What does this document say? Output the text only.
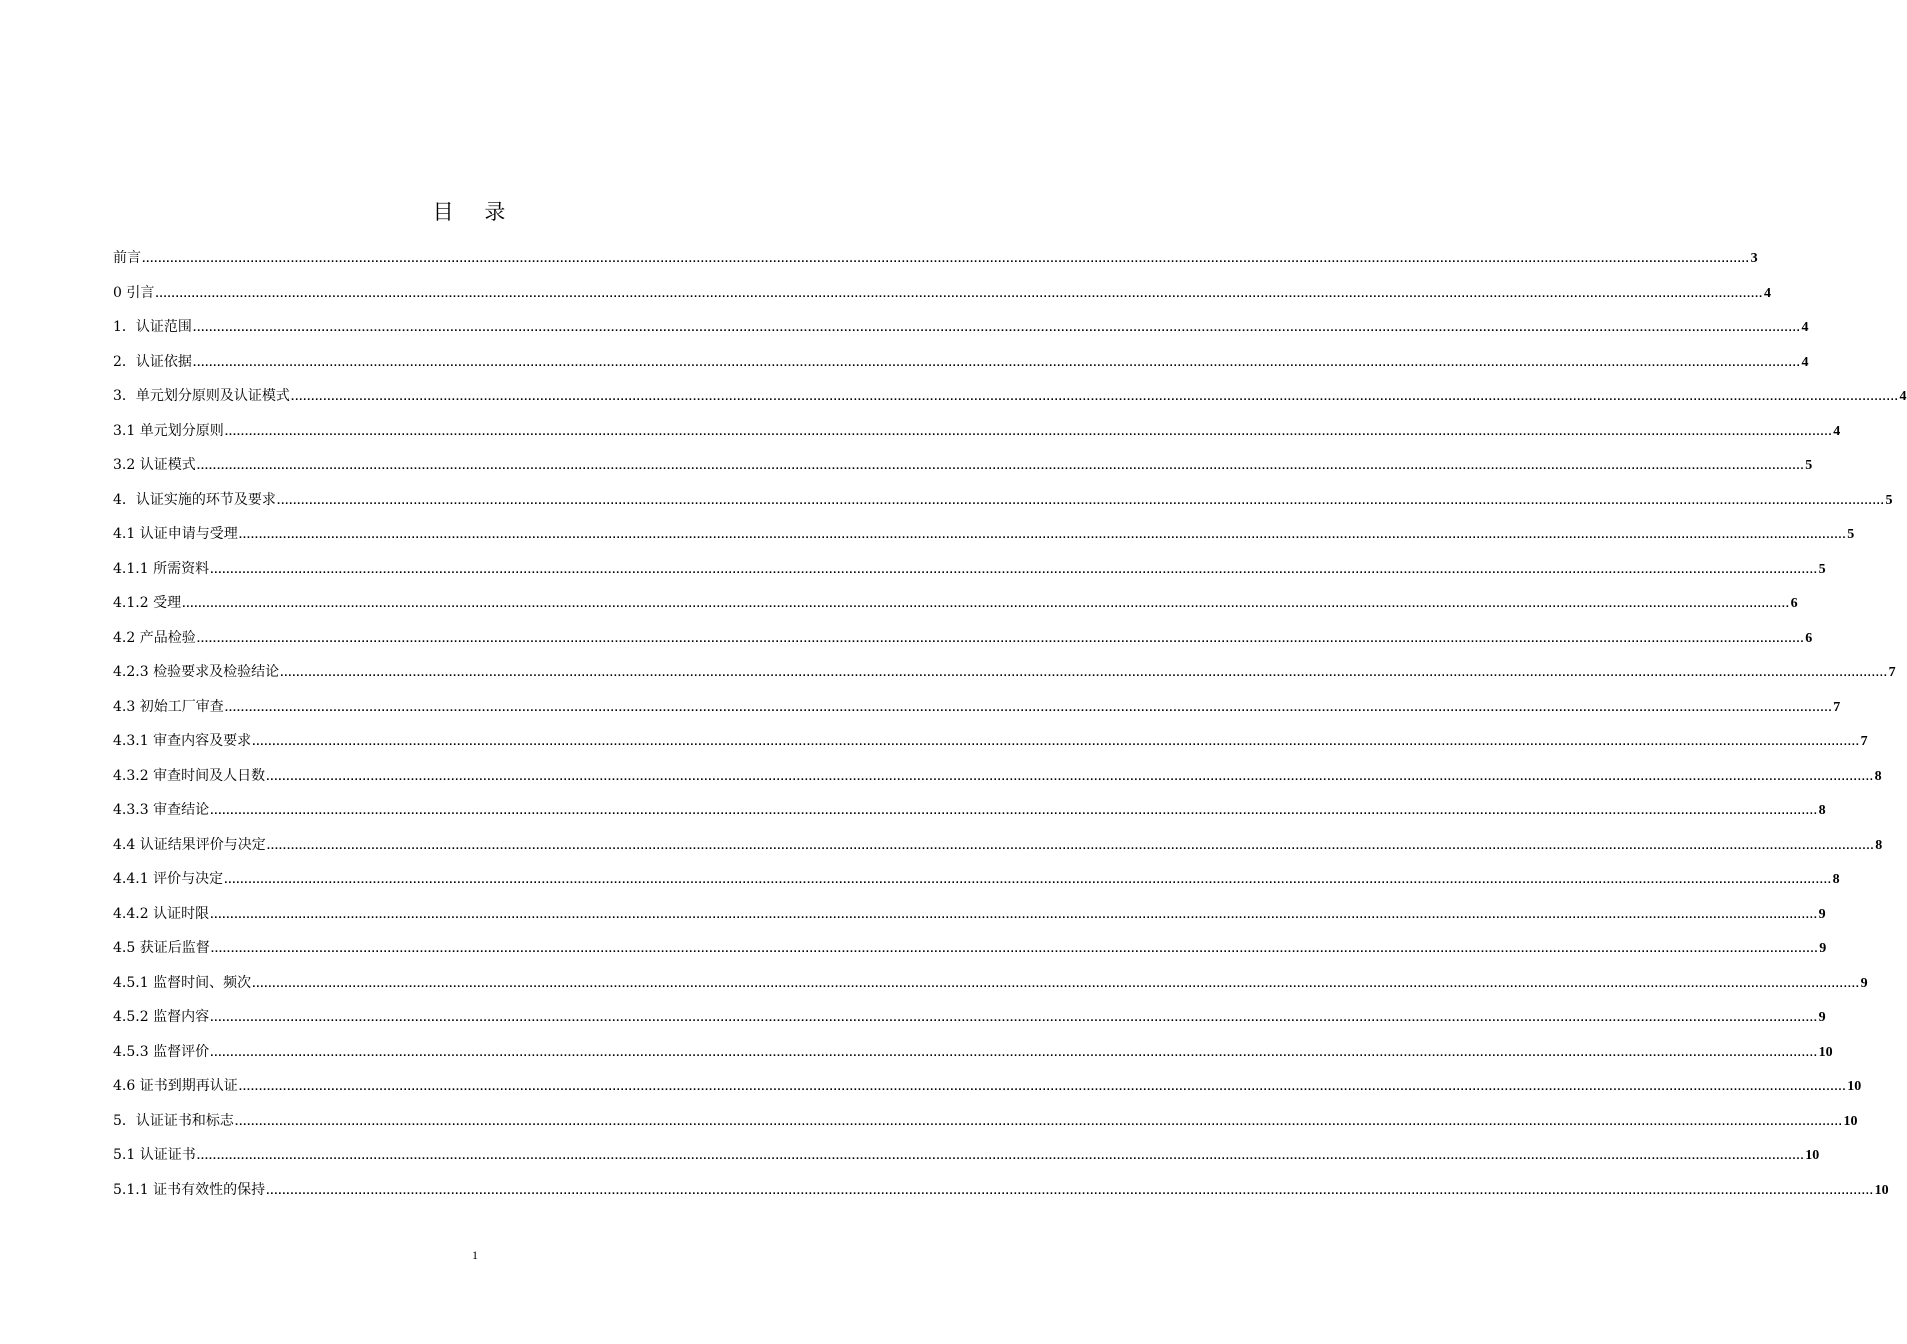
目 录
前言 ................................................................................................................................................................................................................................................................................................................................................................................................................ 3
0 引言 ................................................................................................................................................................................................................................................................................................................................................................................................................ 4
1．认证范围 ................................................................................................................................................................................................................................................................................................................................................................................................................ 4
2．认证依据 ................................................................................................................................................................................................................................................................................................................................................................................................................ 4
3．单元划分原则及认证模式 ................................................................................................................................................................................................................................................................................................................................................................................................................ 4
3.1 单元划分原则 ................................................................................................................................................................................................................................................................................................................................................................................................................ 4
3.2 认证模式 ................................................................................................................................................................................................................................................................................................................................................................................................................ 5
4．认证实施的环节及要求 ................................................................................................................................................................................................................................................................................................................................................................................................................ 5
4.1 认证申请与受理 ................................................................................................................................................................................................................................................................................................................................................................................................................ 5
4.1.1 所需资料 ................................................................................................................................................................................................................................................................................................................................................................................................................ 5
4.1.2 受理 ................................................................................................................................................................................................................................................................................................................................................................................................................ 6
4.2 产品检验 ................................................................................................................................................................................................................................................................................................................................................................................................................ 6
4.2.3 检验要求及检验结论 ................................................................................................................................................................................................................................................................................................................................................................................................................ 7
4.3 初始工厂审查 ................................................................................................................................................................................................................................................................................................................................................................................................................ 7
4.3.1 审查内容及要求 ................................................................................................................................................................................................................................................................................................................................................................................................................ 7
4.3.2 审查时间及人日数 ................................................................................................................................................................................................................................................................................................................................................................................................................ 8
4.3.3 审查结论 ................................................................................................................................................................................................................................................................................................................................................................................................................ 8
4.4 认证结果评价与决定 ................................................................................................................................................................................................................................................................................................................................................................................................................ 8
4.4.1 评价与决定 ................................................................................................................................................................................................................................................................................................................................................................................................................ 8
4.4.2 认证时限 ................................................................................................................................................................................................................................................................................................................................................................................................................ 9
4.5 获证后监督 ................................................................................................................................................................................................................................................................................................................................................................................................................ 9
4.5.1 监督时间、频次 ................................................................................................................................................................................................................................................................................................................................................................................................................ 9
4.5.2 监督内容 ................................................................................................................................................................................................................................................................................................................................................................................................................ 9
4.5.3 监督评价 ................................................................................................................................................................................................................................................................................................................................................................................................................ 10
4.6 证书到期再认证 ................................................................................................................................................................................................................................................................................................................................................................................................................ 10
5．认证证书和标志 ................................................................................................................................................................................................................................................................................................................................................................................................................ 10
5.1 认证证书 ................................................................................................................................................................................................................................................................................................................................................................................................................ 10
5.1.1 证书有效性的保持 ................................................................................................................................................................................................................................................................................................................................................................................................................ 10
1
